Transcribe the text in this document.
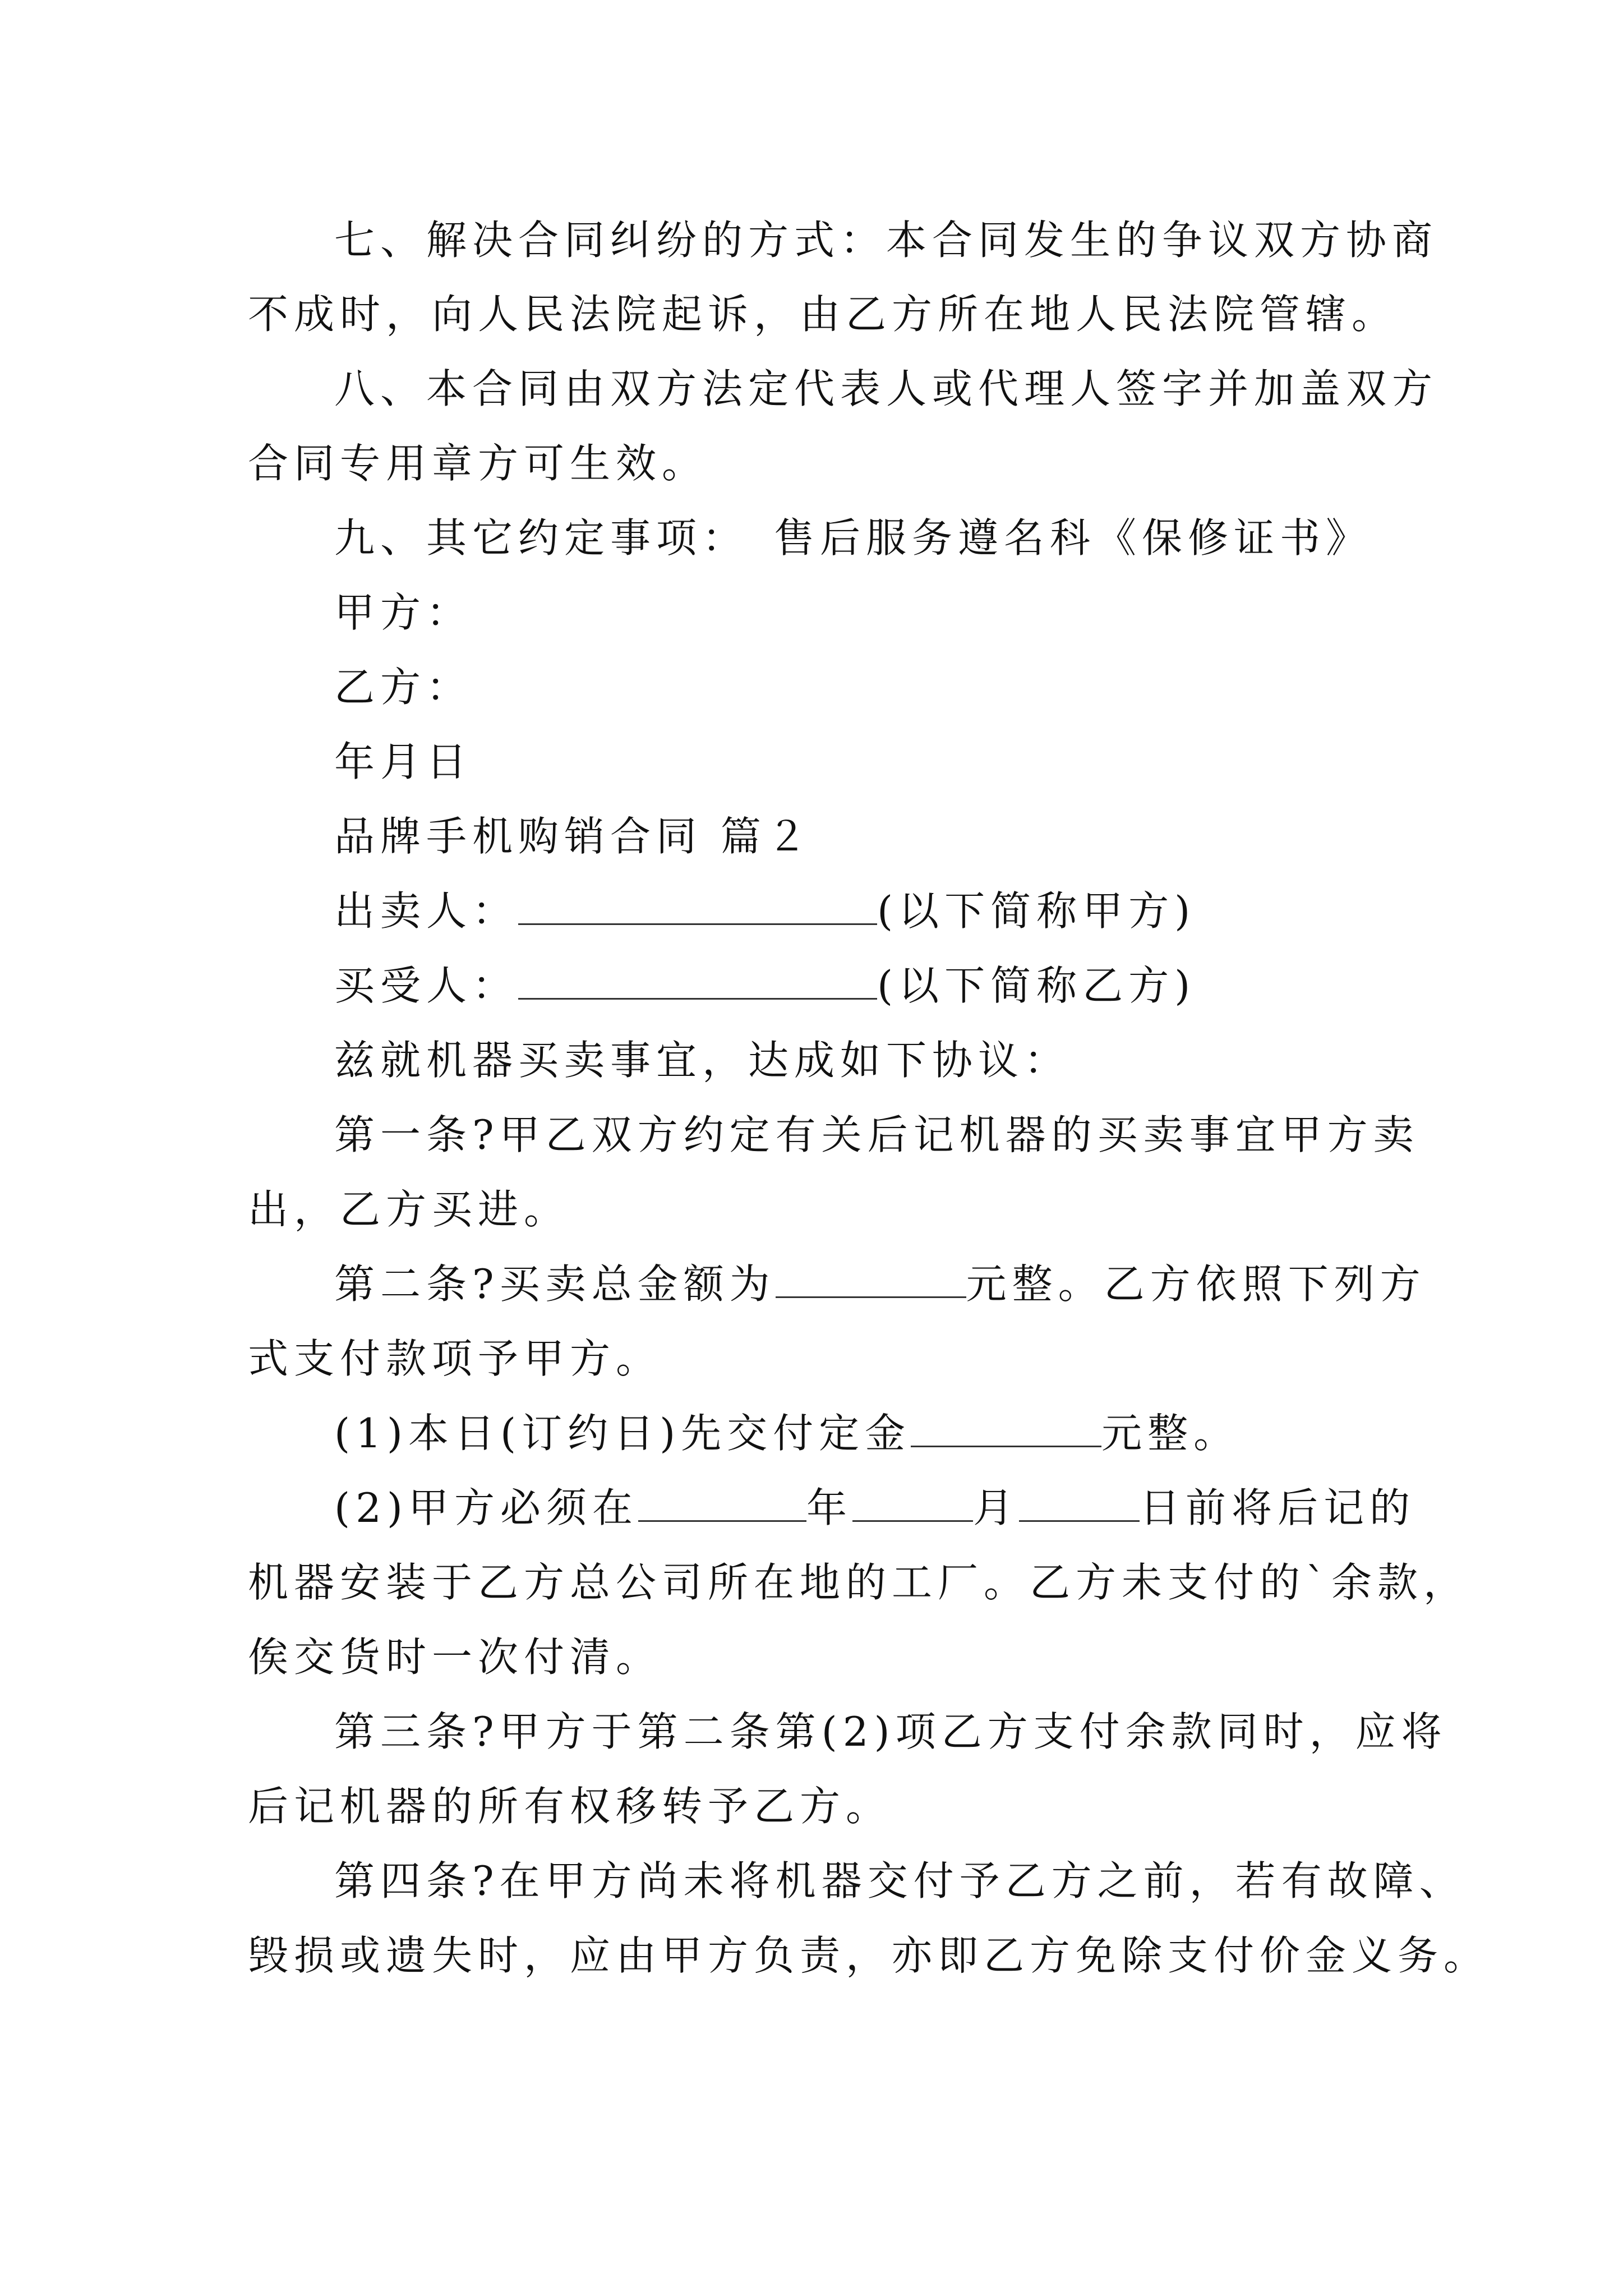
七、解决合同纠纷的方式：本合同发生的争议双方协商
不成时，向人民法院起诉，由乙方所在地人民法院管辖。
八、本合同由双方法定代表人或代理人签字并加盖双方
合同专用章方可生效。
九、其它约定事项：　售后服务遵名科《保修证书》
甲方：
乙方：
年月日
品牌手机购销合同 篇２
出卖人：	(以下简称甲方)
买受人：	(以下简称乙方)
兹就机器买卖事宜，达成如下协议：
第一条?甲乙双方约定有关后记机器的买卖事宜甲方卖
出，乙方买进。
第二条?买卖总金额为	元整。乙方依照下列方
式支付款项予甲方。
(1)本日(订约日)先交付定金	元整。
(2)甲方必须在	年	月	日前将后记的
机器安装于乙方总公司所在地的工厂。乙方未支付的`余款，
俟交货时一次付清。
第三条?甲方于第二条第(2)项乙方支付余款同时，应将
后记机器的所有权移转予乙方。
第四条?在甲方尚未将机器交付予乙方之前，若有故障、
毁损或遗失时，应由甲方负责，亦即乙方免除支付价金义务。
